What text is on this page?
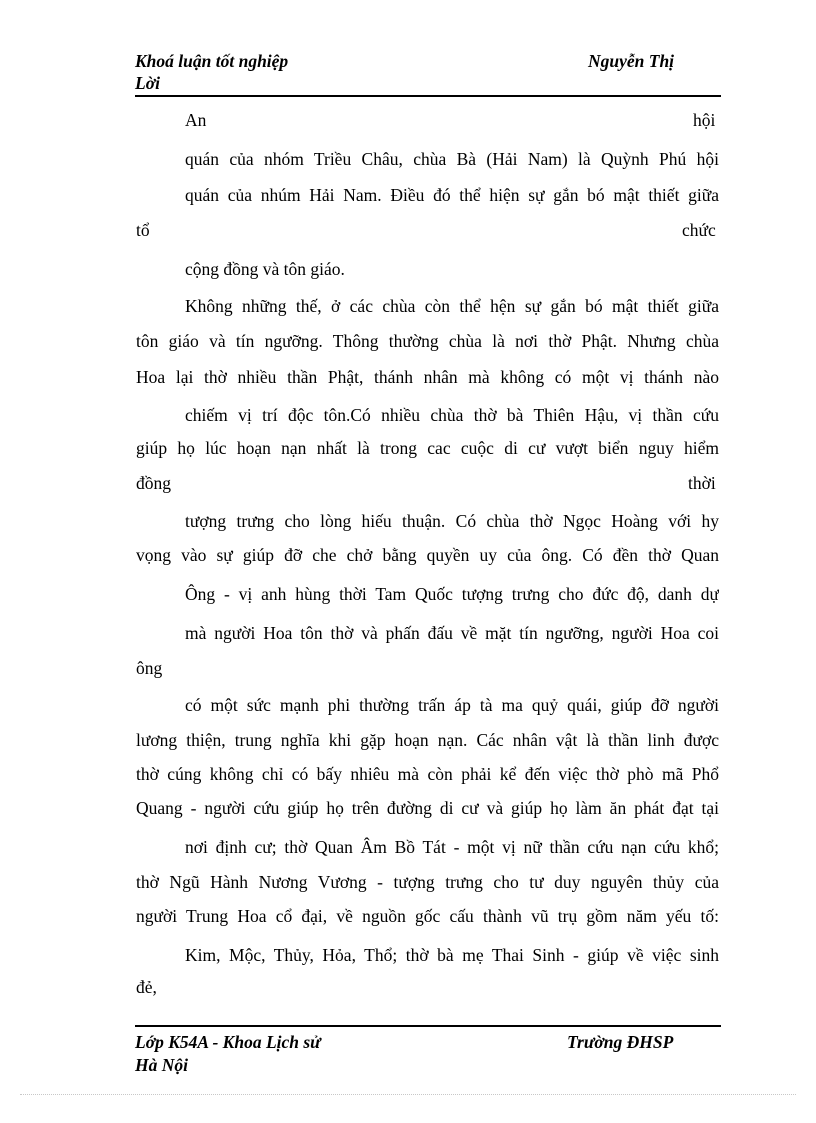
Khoá luận tốt nghiệp	Nguyễn Thị
Lời
An	hội
quán của nhóm Triều Châu, chùa Bà (Hải Nam) là Quỳnh Phú hội
quán của nhúm Hải Nam. Điều đó thể hiện sự gắn bó mật thiết giữa
tổ	chức
cộng đồng và tôn giáo.
Không những thế, ở các chùa còn thể hện sự gắn bó mật thiết giữa
tôn giáo và tín ngưỡng. Thông thường chùa là nơi thờ Phật. Nhưng chùa
Hoa lại thờ nhiều thần Phật, thánh nhân mà không có một vị thánh nào
chiếm vị trí độc tôn.Có nhiều chùa thờ bà Thiên Hậu, vị thần cứu
giúp họ lúc hoạn nạn nhất là trong cac cuộc di cư vượt biển nguy hiểm
đồng	thời
tượng trưng cho lòng hiếu thuận. Có chùa thờ Ngọc Hoàng với hy
vọng vào sự giúp đỡ che chở bằng quyền uy của ông. Có đền thờ Quan
Ông - vị anh hùng thời Tam Quốc tượng trưng cho đức độ, danh dự
mà người Hoa tôn thờ và phấn đấu về mặt tín ngưỡng, người Hoa coi
ông
có một sức mạnh phi thường trấn áp tà ma quỷ quái, giúp đỡ người
lương thiện, trung nghĩa khi gặp hoạn nạn. Các nhân vật là thần linh được
thờ cúng không chỉ có bấy nhiêu mà còn phải kể đến việc thờ phò mã Phổ
Quang - người cứu giúp họ trên đường di cư và giúp họ làm ăn phát đạt tại
nơi định cư; thờ Quan Âm Bồ Tát - một vị nữ thần cứu nạn cứu khổ;
thờ Ngũ Hành Nương Vương - tượng trưng cho tư duy nguyên thủy của
người Trung Hoa cổ đại, về nguồn gốc cấu thành vũ trụ gồm năm yếu tố:
Kim, Mộc, Thủy, Hỏa, Thổ; thờ bà mẹ Thai Sinh - giúp về việc sinh
đẻ,
Lớp K54A - Khoa Lịch sử	Trường ĐHSP
Hà Nội
